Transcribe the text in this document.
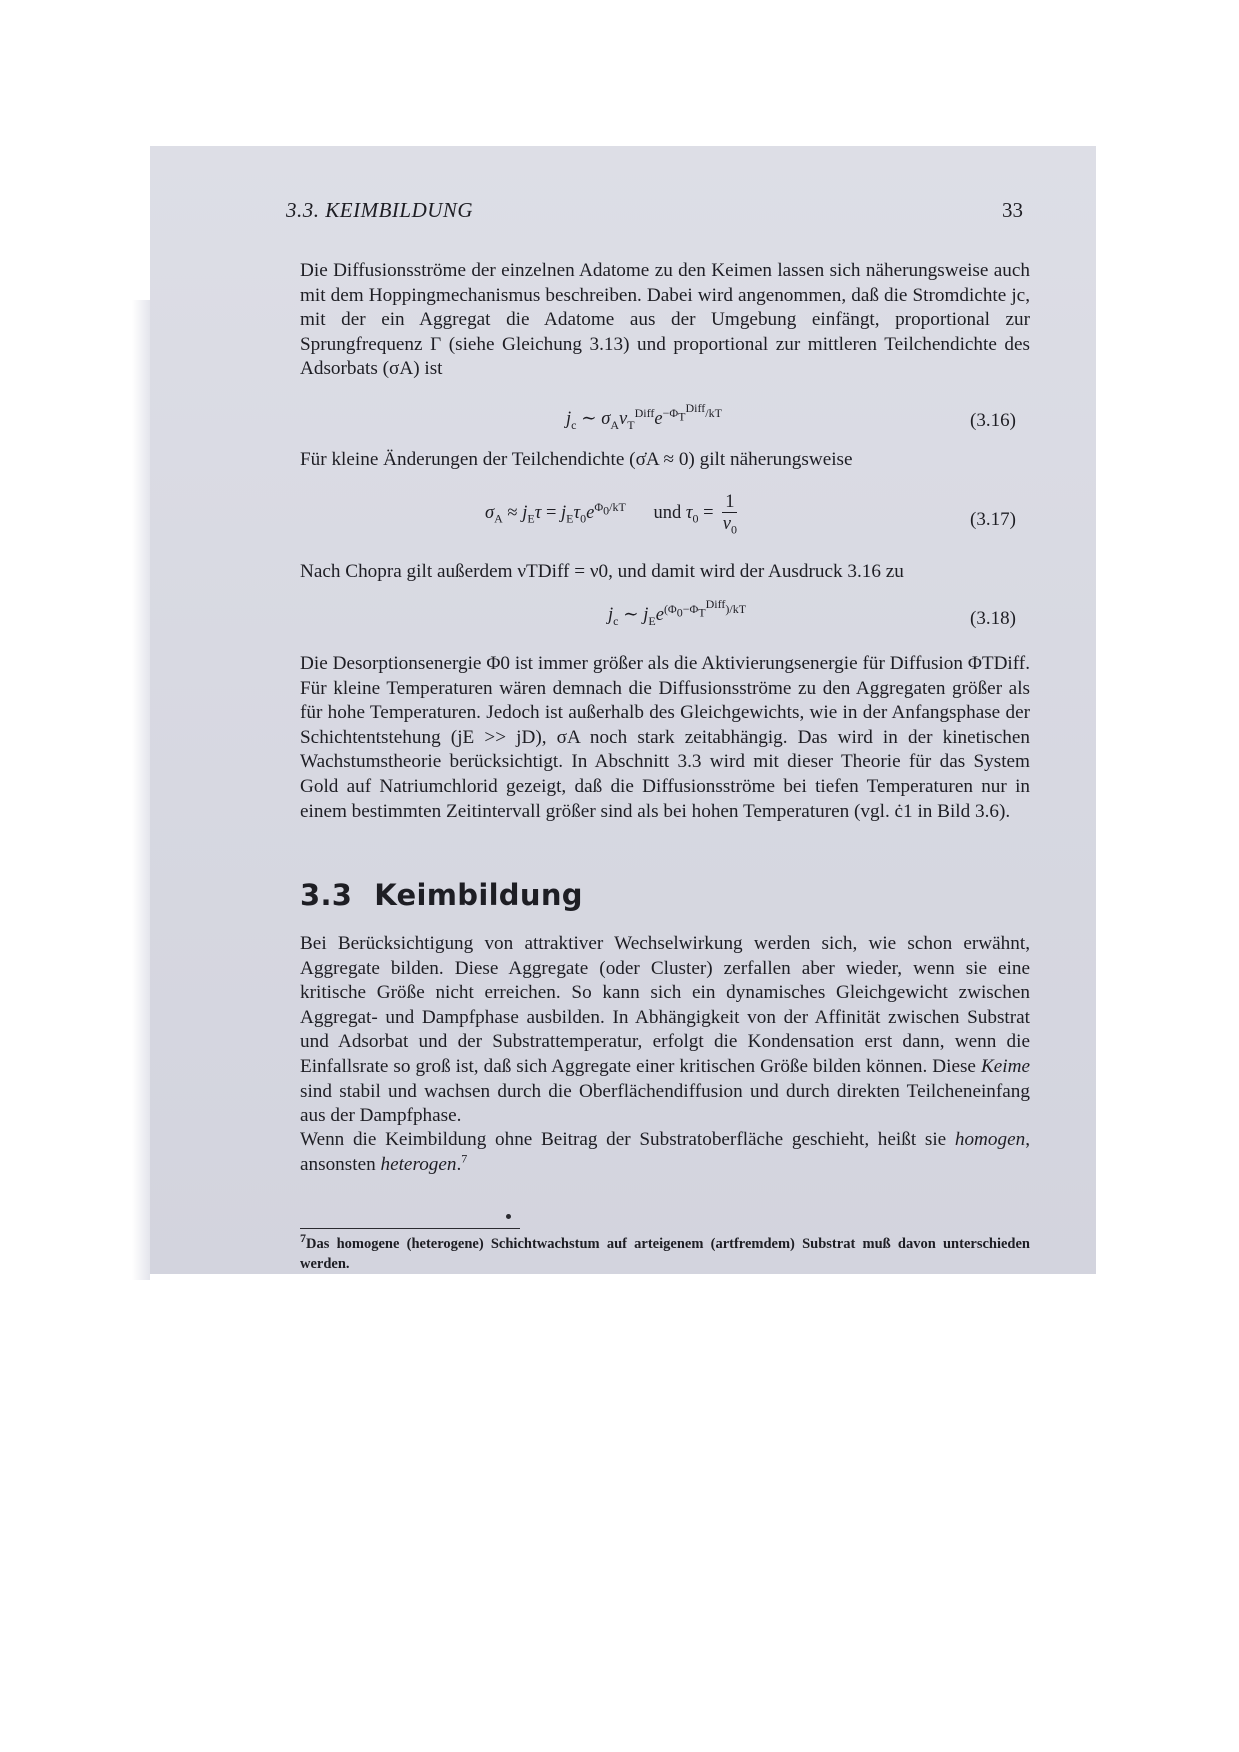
3.3. KEIMBILDUNG	33

Die Diffusionsströme der einzelnen Adatome zu den Keimen lassen sich näherungsweise auch mit dem Hoppingmechanismus beschreiben. Dabei wird angenommen, daß die Stromdichte jc, mit der ein Aggregat die Adatome aus der Umgebung einfängt, proportional zur Sprungfrequenz Γ (siehe Gleichung 3.13) und proportional zur mittleren Teilchendichte des Adsorbats (σA) ist

$j_c$ ∼ $\sigma_A\nu_T^{Diff}e^{-\Phi_T^{Diff}/kT}$	(3.16)

Für kleine Änderungen der Teilchendichte (σ̇A ≈ 0) gilt näherungsweise

$\sigma_A \approx j_E\tau = j_E\tau_0e^{\Phi_0/kT}$ und $\tau_0 = \frac{1}{\nu_0}$	(3.17)

Nach Chopra gilt außerdem νTDiff = ν0, und damit wird der Ausdruck 3.16 zu

$j_c$ ∼ $j_Ee^{(\Phi_0-\Phi_T^{Diff})/kT}$	(3.18)

Die Desorptionsenergie Φ0 ist immer größer als die Aktivierungsenergie für Diffusion ΦTDiff. Für kleine Temperaturen wären demnach die Diffusionsströme zu den Aggregaten größer als für hohe Temperaturen. Jedoch ist außerhalb des Gleichgewichts, wie in der Anfangsphase der Schichtentstehung (jE >> jD), σA noch stark zeitabhängig. Das wird in der kinetischen Wachstumstheorie berücksichtigt. In Abschnitt 3.3 wird mit dieser Theorie für das System Gold auf Natriumchlorid gezeigt, daß die Diffusionsströme bei tiefen Temperaturen nur in einem bestimmten Zeitintervall größer sind als bei hohen Temperaturen (vgl. ċ1 in Bild 3.6).

3.3 Keimbildung

Bei Berücksichtigung von attraktiver Wechselwirkung werden sich, wie schon erwähnt, Aggregate bilden. Diese Aggregate (oder Cluster) zerfallen aber wieder, wenn sie eine kritische Größe nicht erreichen. So kann sich ein dynamisches Gleichgewicht zwischen Aggregat- und Dampfphase ausbilden. In Abhängigkeit von der Affinität zwischen Substrat und Adsorbat und der Substrattemperatur, erfolgt die Kondensation erst dann, wenn die Einfallsrate so groß ist, daß sich Aggregate einer kritischen Größe bilden können. Diese Keime sind stabil und wachsen durch die Oberflächendiffusion und durch direkten Teilcheneinfang aus der Dampfphase.

Wenn die Keimbildung ohne Beitrag der Substratoberfläche geschieht, heißt sie homogen, ansonsten heterogen.$^7$

$^7$Das homogene (heterogene) Schichtwachstum auf arteigenem (artfremdem) Substrat muß davon unterschieden werden.
